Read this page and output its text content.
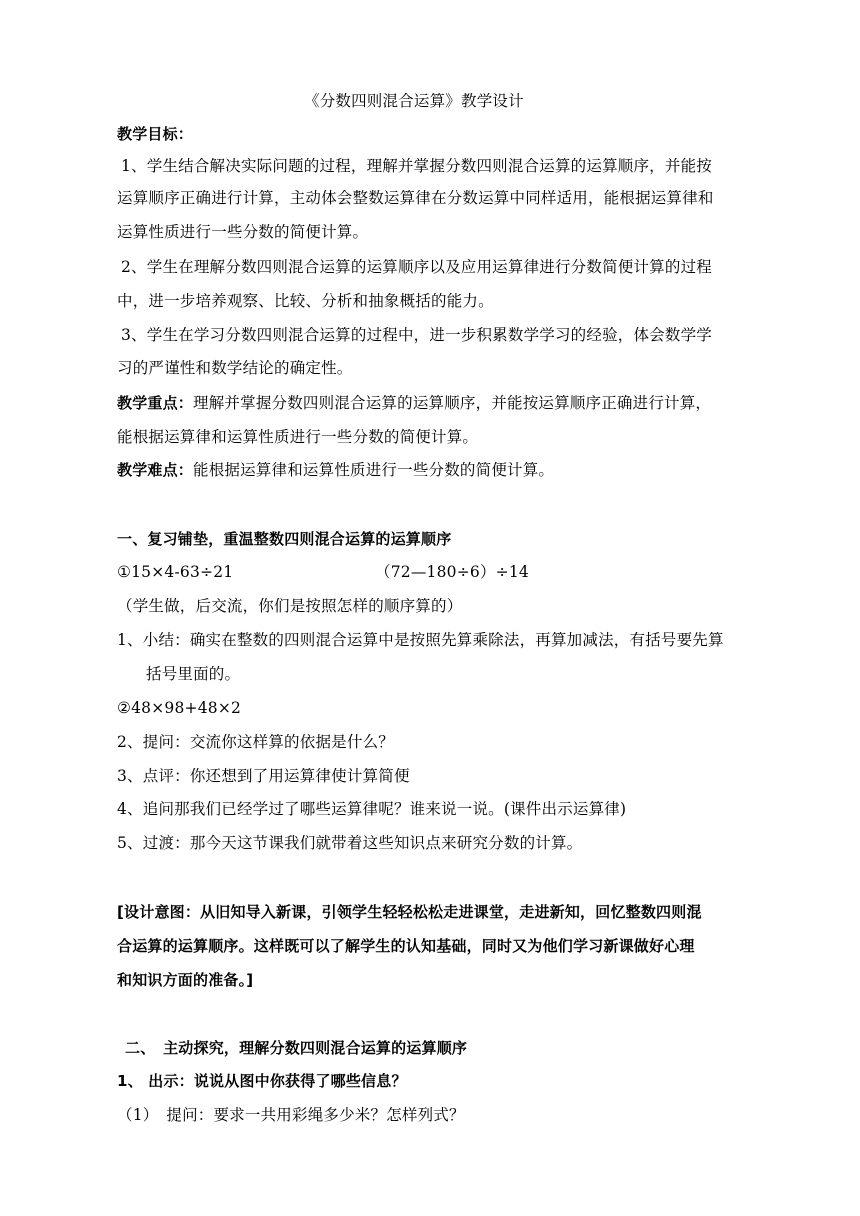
《分数四则混合运算》教学设计
教学目标：
1、学生结合解决实际问题的过程，理解并掌握分数四则混合运算的运算顺序，并能按
运算顺序正确进行计算，主动体会整数运算律在分数运算中同样适用，能根据运算律和
运算性质进行一些分数的简便计算。
2、学生在理解分数四则混合运算的运算顺序以及应用运算律进行分数简便计算的过程
中，进一步培养观察、比较、分析和抽象概括的能力。
3、学生在学习分数四则混合运算的过程中，进一步积累数学学习的经验，体会数学学
习的严谨性和数学结论的确定性。
教学重点：理解并掌握分数四则混合运算的运算顺序，并能按运算顺序正确进行计算，
能根据运算律和运算性质进行一些分数的简便计算。
教学难点：能根据运算律和运算性质进行一些分数的简便计算。
一、复习铺垫，重温整数四则混合运算的运算顺序
①15×4-63÷21	（72—180÷6）÷14
（学生做，后交流，你们是按照怎样的顺序算的）
1、小结：确实在整数的四则混合运算中是按照先算乘除法，再算加减法，有括号要先算
括号里面的。
②48×98+48×2
2、提问：交流你这样算的依据是什么？
3、点评：你还想到了用运算律使计算简便
4、追问那我们已经学过了哪些运算律呢？谁来说一说。(课件出示运算律)
5、过渡：那今天这节课我们就带着这些知识点来研究分数的计算。
[设计意图：从旧知导入新课，引领学生轻轻松松走进课堂，走进新知，回忆整数四则混
合运算的运算顺序。这样既可以了解学生的认知基础，同时又为他们学习新课做好心理
和知识方面的准备。]
二、　主动探究，理解分数四则混合运算的运算顺序
1、 出示：说说从图中你获得了哪些信息？
（1）　提问：要求一共用彩绳多少米？怎样列式？
